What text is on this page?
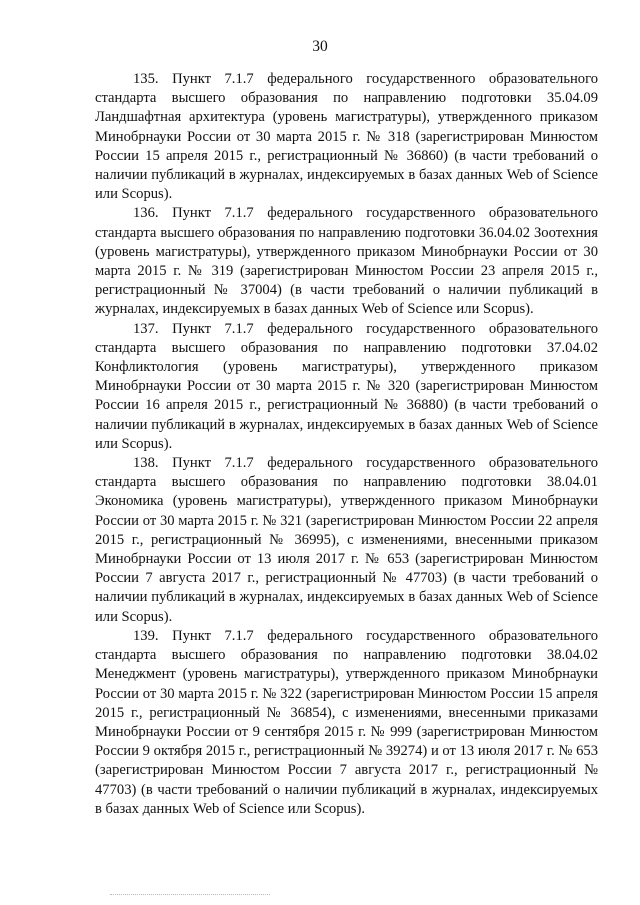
30

135. Пункт 7.1.7 федерального государственного образовательного стандарта высшего образования по направлению подготовки 35.04.09 Ландшафтная архитектура (уровень магистратуры), утвержденного приказом Минобрнауки России от 30 марта 2015 г. № 318 (зарегистрирован Минюстом России 15 апреля 2015 г., регистрационный № 36860) (в части требований о наличии публикаций в журналах, индексируемых в базах данных Web of Science или Scopus).

136. Пункт 7.1.7 федерального государственного образовательного стандарта высшего образования по направлению подготовки 36.04.02 Зоотехния (уровень магистратуры), утвержденного приказом Минобрнауки России от 30 марта 2015 г. № 319 (зарегистрирован Минюстом России 23 апреля 2015 г., регистрационный № 37004) (в части требований о наличии публикаций в журналах, индексируемых в базах данных Web of Science или Scopus).

137. Пункт 7.1.7 федерального государственного образовательного стандарта высшего образования по направлению подготовки 37.04.02 Конфликтология (уровень магистратуры), утвержденного приказом Минобрнауки России от 30 марта 2015 г. № 320 (зарегистрирован Минюстом России 16 апреля 2015 г., регистрационный № 36880) (в части требований о наличии публикаций в журналах, индексируемых в базах данных Web of Science или Scopus).

138. Пункт 7.1.7 федерального государственного образовательного стандарта высшего образования по направлению подготовки 38.04.01 Экономика (уровень магистратуры), утвержденного приказом Минобрнауки России от 30 марта 2015 г. № 321 (зарегистрирован Минюстом России 22 апреля 2015 г., регистрационный № 36995), с изменениями, внесенными приказом Минобрнауки России от 13 июля 2017 г. № 653 (зарегистрирован Минюстом России 7 августа 2017 г., регистрационный № 47703) (в части требований о наличии публикаций в журналах, индексируемых в базах данных Web of Science или Scopus).

139. Пункт 7.1.7 федерального государственного образовательного стандарта высшего образования по направлению подготовки 38.04.02 Менеджмент (уровень магистратуры), утвержденного приказом Минобрнауки России от 30 марта 2015 г. № 322 (зарегистрирован Минюстом России 15 апреля 2015 г., регистрационный № 36854), с изменениями, внесенными приказами Минобрнауки России от 9 сентября 2015 г. № 999 (зарегистрирован Минюстом России 9 октября 2015 г., регистрационный № 39274) и от 13 июля 2017 г. № 653 (зарегистрирован Минюстом России 7 августа 2017 г., регистрационный № 47703) (в части требований о наличии публикаций в журналах, индексируемых в базах данных Web of Science или Scopus).
